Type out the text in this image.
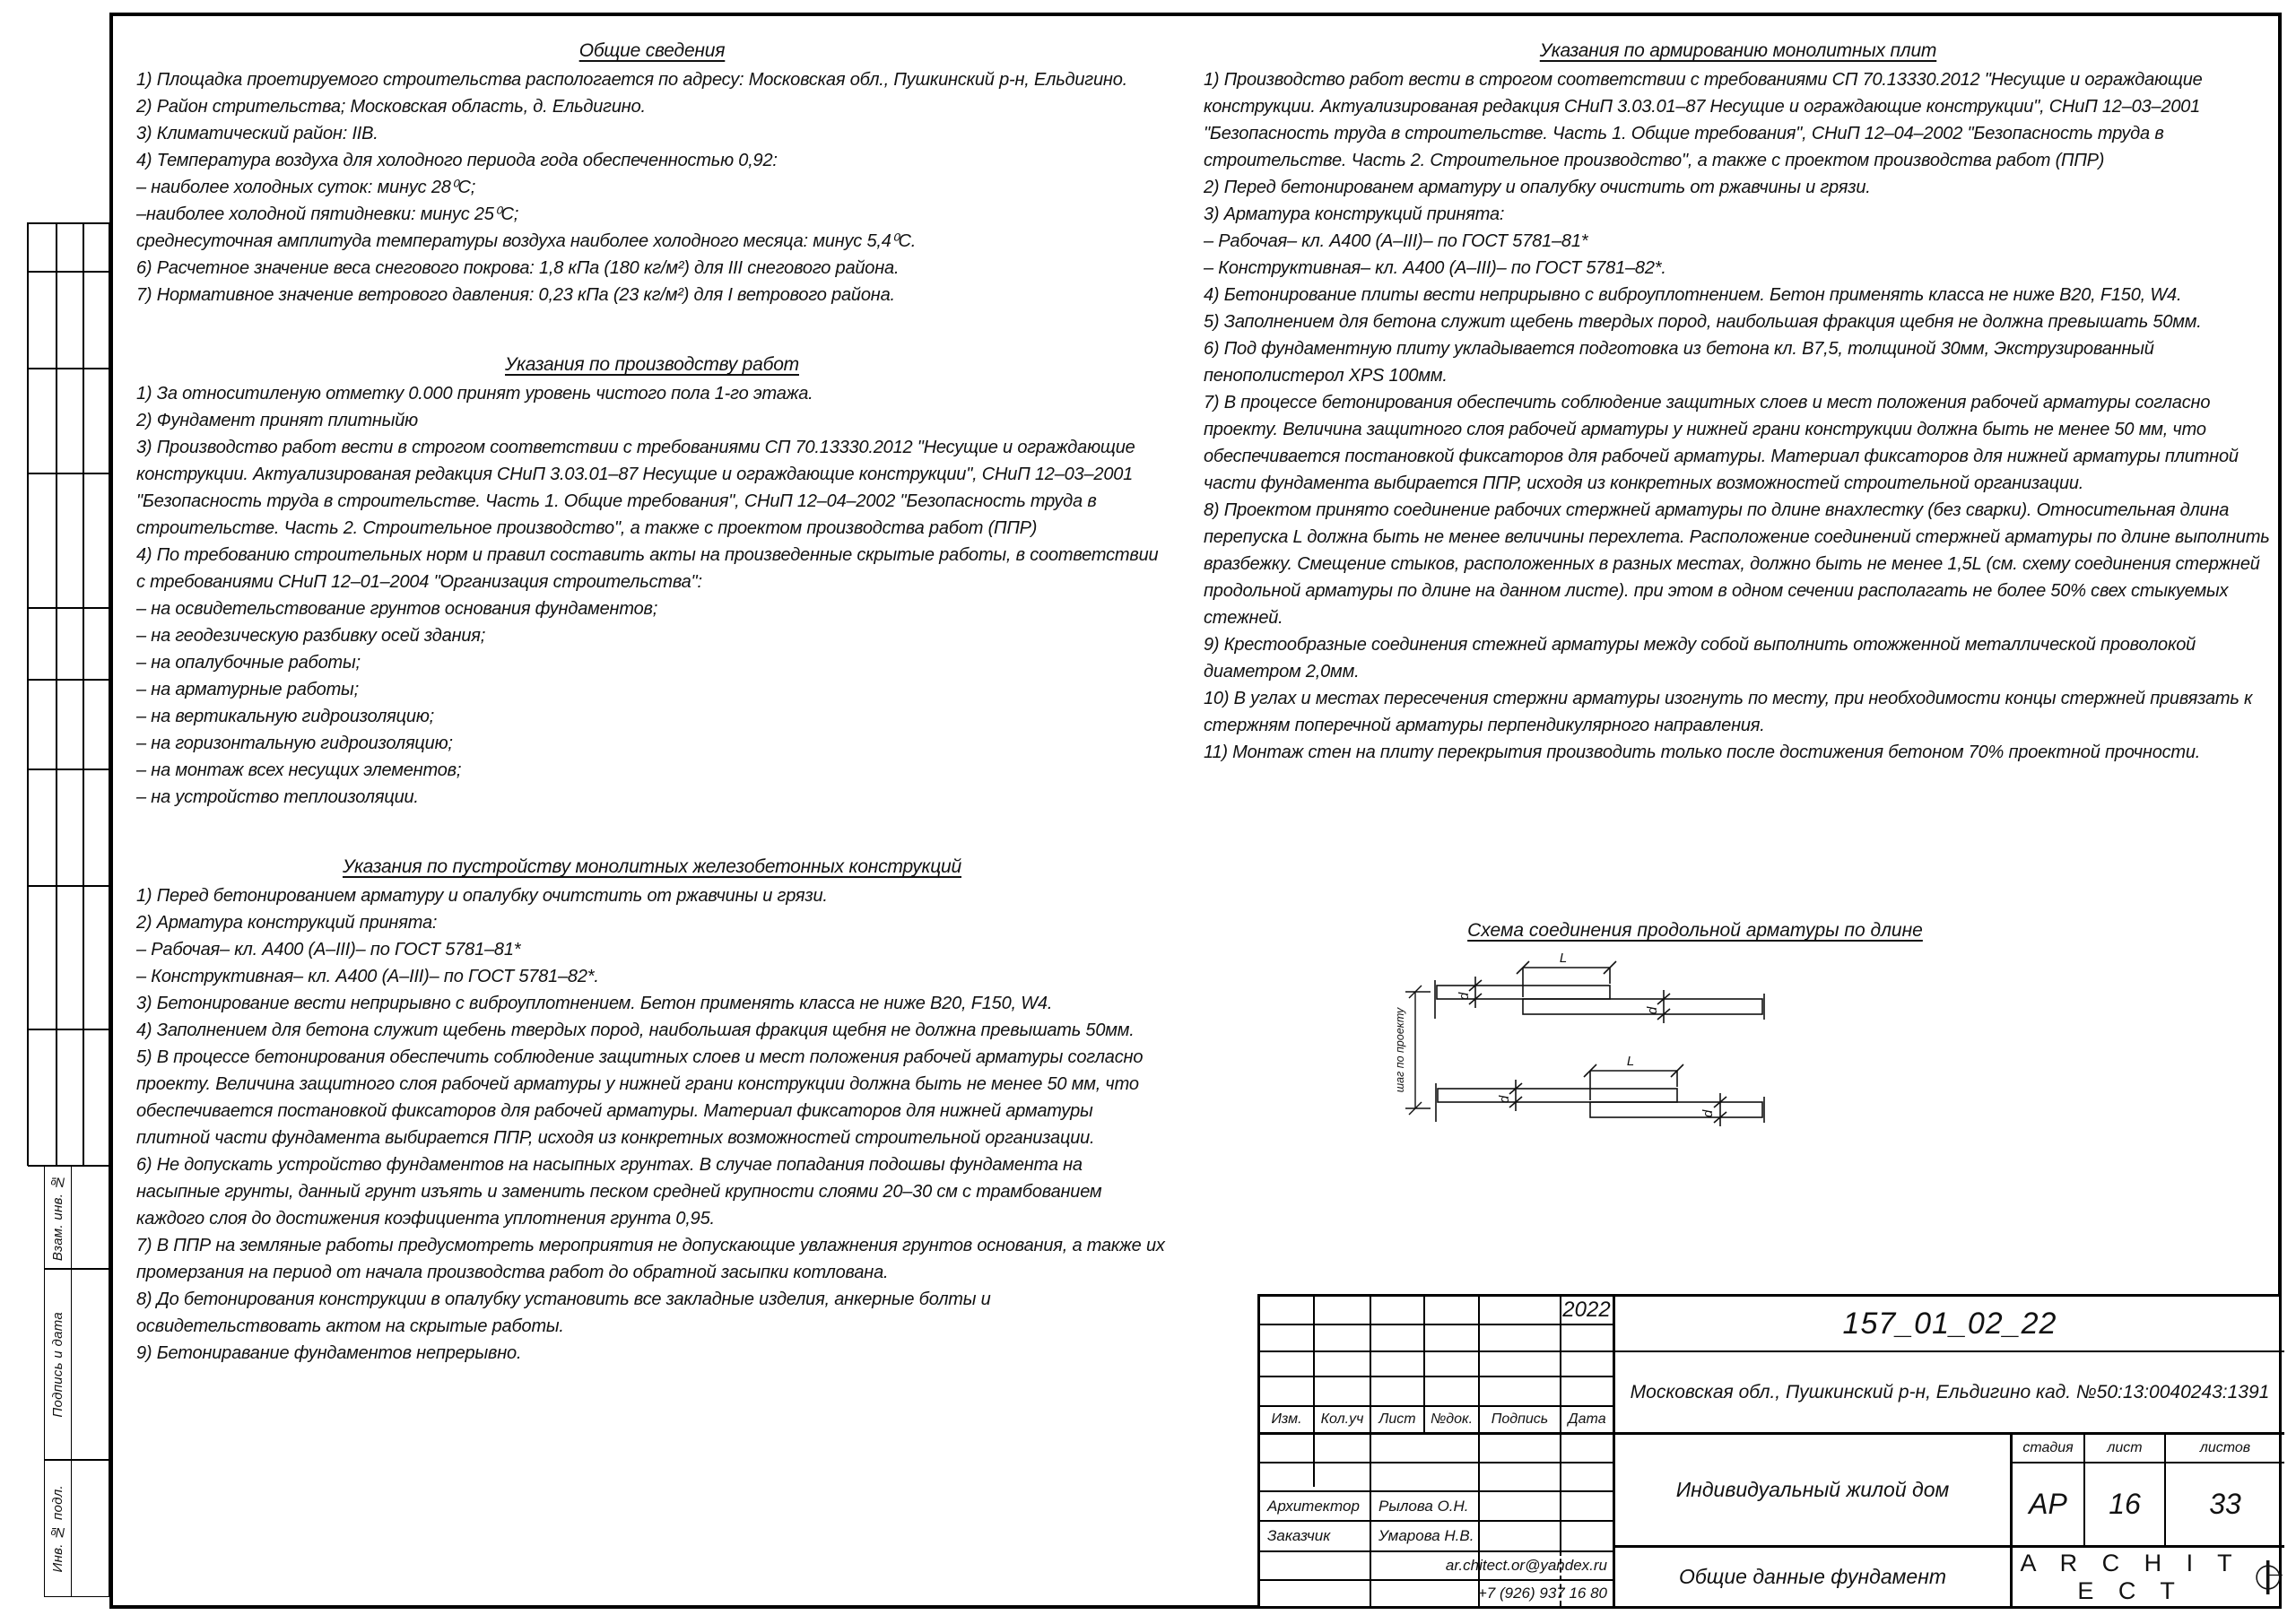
Взам. инв. №
Подпись и дата
Инв. № подл.
Общие сведения
1) Площадка проетируемого строительства распологается по адресу: Московская обл., Пушкинский р-н, Ельдигино.
2) Район стрительства; Московская область, д. Ельдигино.
3) Климатический район: IIВ.
4) Температура воздуха для холодного периода года обеспеченностью 0,92:
– наиболее холодных суток: минус 28⁰С;
–наиболее холодной пятидневки: минус 25⁰С;
среднесуточная амплитуда температуры воздуха наиболее холодного месяца: минус 5,4⁰С.
6) Расчетное значение веса снегового покрова: 1,8 кПа (180 кг/м²) для III снегового района.
7) Нормативное значение ветрового давления: 0,23 кПа (23 кг/м²) для I ветрового района.
Указания по производству работ
1) За относитиленую отметку 0.000 принят уровень чистого пола 1-го этажа.
2) Фундамент принят плитныйю
3) Производство работ вести в строгом соответствии с требованиями СП 70.13330.2012 "Несущие и ограждающие конструкции. Актуализированая редакция СНиП 3.03.01–87 Несущие и ограждающие конструкции", СНиП 12–03–2001 "Безопасность труда в строительстве. Часть 1. Общие требования", СНиП 12–04–2002 "Безопасность труда в строительстве. Часть 2. Строительное производство", а также с проектом производства работ (ППР)
4) По требованию строительных норм и правил составить акты на произведенные скрытые работы, в соответствии с требованиями СНиП 12–01–2004 "Организация строительства":
– на освидетельствование грунтов основания фундаментов;
– на геодезическую разбивку осей здания;
– на опалубочные работы;
– на арматурные работы;
– на вертикальную гидроизоляцию;
– на горизонтальную гидроизоляцию;
– на монтаж всех несущих элементов;
– на устройство теплоизоляции.
Указания по пустройству монолитных железобетонных конструкций
1) Перед бетонированием арматуру и опалубку очитстить от ржавчины и грязи.
2) Арматура конструкций принята:
– Рабочая– кл. А400 (А–III)– по ГОСТ 5781–81*
– Конструктивная– кл. А400 (А–III)– по ГОСТ 5781–82*.
3) Бетонирование вести неприрывно с виброуплотнением. Бетон применять класса не ниже В20, F150, W4.
4) Заполнением для бетона служит щебень твердых пород, наибольшая фракция щебня не должна превышать 50мм.
5) В процессе бетонирования обеспечить соблюдение защитных слоев и мест положения рабочей арматуры согласно проекту. Величина защитного слоя рабочей арматуры у нижней грани конструкции должна быть не менее 50 мм, что обеспечивается постановкой фиксаторов для рабочей арматуры. Материал фиксаторов для нижней арматуры плитной части фундамента выбирается ППР, исходя из конкретных возможностей строительной организации.
6) Не допускать устройство фундаментов на насыпных грунтах. В случае попадания подошвы фундамента на насыпные грунты, данный грунт изъять и заменить песком средней крупности слоями 20–30 см с трамбованием каждого слоя до достижения коэфициента уплотнения грунта 0,95.
7) В ППР на земляные работы предусмотреть мероприятия не допускающие увлажнения грунтов основания, а также их промерзания на период от начала производства работ до обратной засыпки котлована.
8) До бетонирования конструкции в опалубку установить все закладные изделия, анкерные болты и освидетельствовать актом на скрытые работы.
9) Бетониравание фундаментов непрерывно.
Указания по армированию монолитных плит
1) Производство работ вести в строгом соответствии с требованиями СП 70.13330.2012 "Несущие и ограждающие конструкции. Актуализированая редакция СНиП 3.03.01–87 Несущие и ограждающие конструкции", СНиП 12–03–2001 "Безопасность труда в строительстве. Часть 1. Общие требования", СНиП 12–04–2002 "Безопасность труда в строительстве. Часть 2. Строительное производство", а также с проектом производства работ (ППР)
2) Перед бетонированем арматуру и опалубку очистить от ржавчины и грязи.
3) Арматура конструкций принята:
– Рабочая– кл. А400 (А–III)– по ГОСТ 5781–81*
– Конструктивная– кл. А400 (А–III)– по ГОСТ 5781–82*.
4) Бетонирование плиты вести неприрывно с виброуплотнением. Бетон применять класса не ниже В20, F150, W4.
5) Заполнением для бетона служит щебень твердых пород, наибольшая фракция щебня не должна превышать 50мм.
6) Под фундаментную плиту укладывается подготовка из бетона кл. В7,5, толщиной 30мм, Экструзированный пенополистерол XPS 100мм.
7) В процессе бетонирования обеспечить соблюдение защитных слоев и мест положения рабочей арматуры согласно проекту. Величина защитного слоя рабочей арматуры у нижней грани конструкции должна быть не менее 50 мм, что обеспечивается постановкой фиксаторов для рабочей арматуры. Материал фиксаторов для нижней арматуры плитной части фундамента выбирается ППР, исходя из конкретных возможностей строительной организации.
8) Проектом принято соединение рабочих стержней арматуры по длине внахлестку (без сварки). Относительная длина перепуска L должна быть не менее величины перехлета. Расположение соединений стержней арматуры по длине выполнить вразбежку. Смещение стыков, расположенных в разных местах, должно быть не менее 1,5L (см. схему соединения стержней продольной арматуры по длине на данном листе). при этом в одном сечении располагать не более 50% свех стыкуемых стежней.
9) Крестообразные соединения стежней арматуры между собой выполнить отожженной металлической проволокой диаметром 2,0мм.
10) В углах и местах пересечения стержни арматуры изогнуть по месту, при необходимости концы стержней привязать к стержням поперечной арматуры перпендикулярного направления.
11) Монтаж стен на плиту перекрытия производить только после достижения бетоном 70% проектной прочности.
Схема соединения продольной арматуры по длине
L
L
d
d
d
d
шаг по проекту
2022	157_01_02_22
Московская обл., Пушкинский р-н, Ельдигино кад. №50:13:0040243:1391
Изм.	Кол.уч	Лист	№док.	Подпись	Дата
Индивидуальный жилой дом
Общие данные фундамент
стадия	лист	листов
АР	16	33
Архитектор	Рылова О.Н.
Заказчик	Умарова Н.В.
ar.chitect.or@yandex.ru
+7 (926) 937 16 80
A R C H I T E C T
